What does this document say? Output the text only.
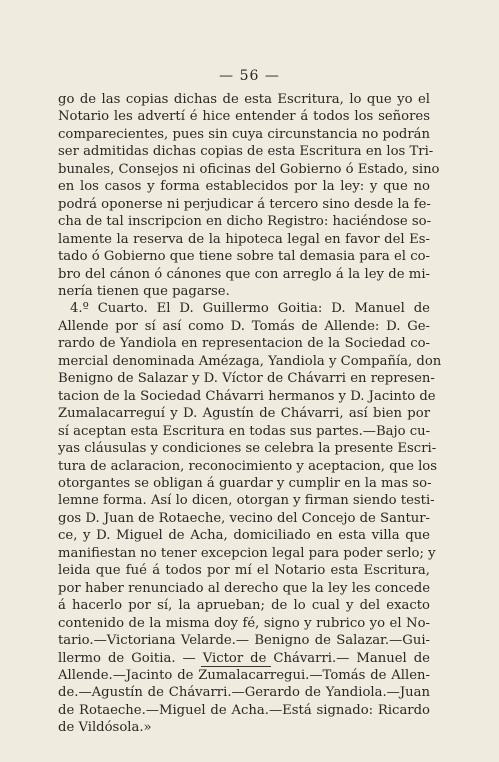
— 56 —
go de las copias dichas de esta Escritura, lo que yo el
Notario les advertí é hice entender á todos los señores
comparecientes, pues sin cuya circunstancia no podrán
ser admitidas dichas copias de esta Escritura en los Tri-
bunales, Consejos ni oficinas del Gobierno ó Estado, sino
en los casos y forma establecidos por la ley: y que no
podrá oponerse ni perjudicar á tercero sino desde la fe-
cha de tal inscripcion en dicho Registro: haciéndose so-
lamente la reserva de la hipoteca legal en favor del Es-
tado ó Gobierno que tiene sobre tal demasia para el co-
bro del cánon ó cánones que con arreglo á la ley de mi-
nería tienen que pagarse.
4.º Cuarto. El D. Guillermo Goitia: D. Manuel de
Allende por sí así como D. Tomás de Allende: D. Ge-
rardo de Yandiola en representacion de la Sociedad co-
mercial denominada Amézaga, Yandiola y Compañía, don
Benigno de Salazar y D. Víctor de Chávarri en represen-
tacion de la Sociedad Chávarri hermanos y D. Jacinto de
Zumalacarreguí y D. Agustín de Chávarri, así bien por
sí aceptan esta Escritura en todas sus partes.—Bajo cu-
yas cláusulas y condiciones se celebra la presente Escri-
tura de aclaracion, reconocimiento y aceptacion, que los
otorgantes se obligan á guardar y cumplir en la mas so-
lemne forma. Así lo dicen, otorgan y firman siendo testi-
gos D. Juan de Rotaeche, vecino del Concejo de Santur-
ce, y D. Miguel de Acha, domiciliado en esta villa que
manifiestan no tener excepcion legal para poder serlo; y
leida que fué á todos por mí el Notario esta Escritura,
por haber renunciado al derecho que la ley les concede
á hacerlo por sí, la aprueban; de lo cual y del exacto
contenido de la misma doy fé, signo y rubrico yo el No-
tario.—Victoriana Velarde.— Benigno de Salazar.—Gui-
llermo de Goitia. — Victor de Chávarri.— Manuel de
Allende.—Jacinto de Zumalacarregui.—Tomás de Allen-
de.—Agustín de Chávarri.—Gerardo de Yandiola.—Juan
de Rotaeche.—Miguel de Acha.—Está signado: Ricardo
de Vildósola.»
